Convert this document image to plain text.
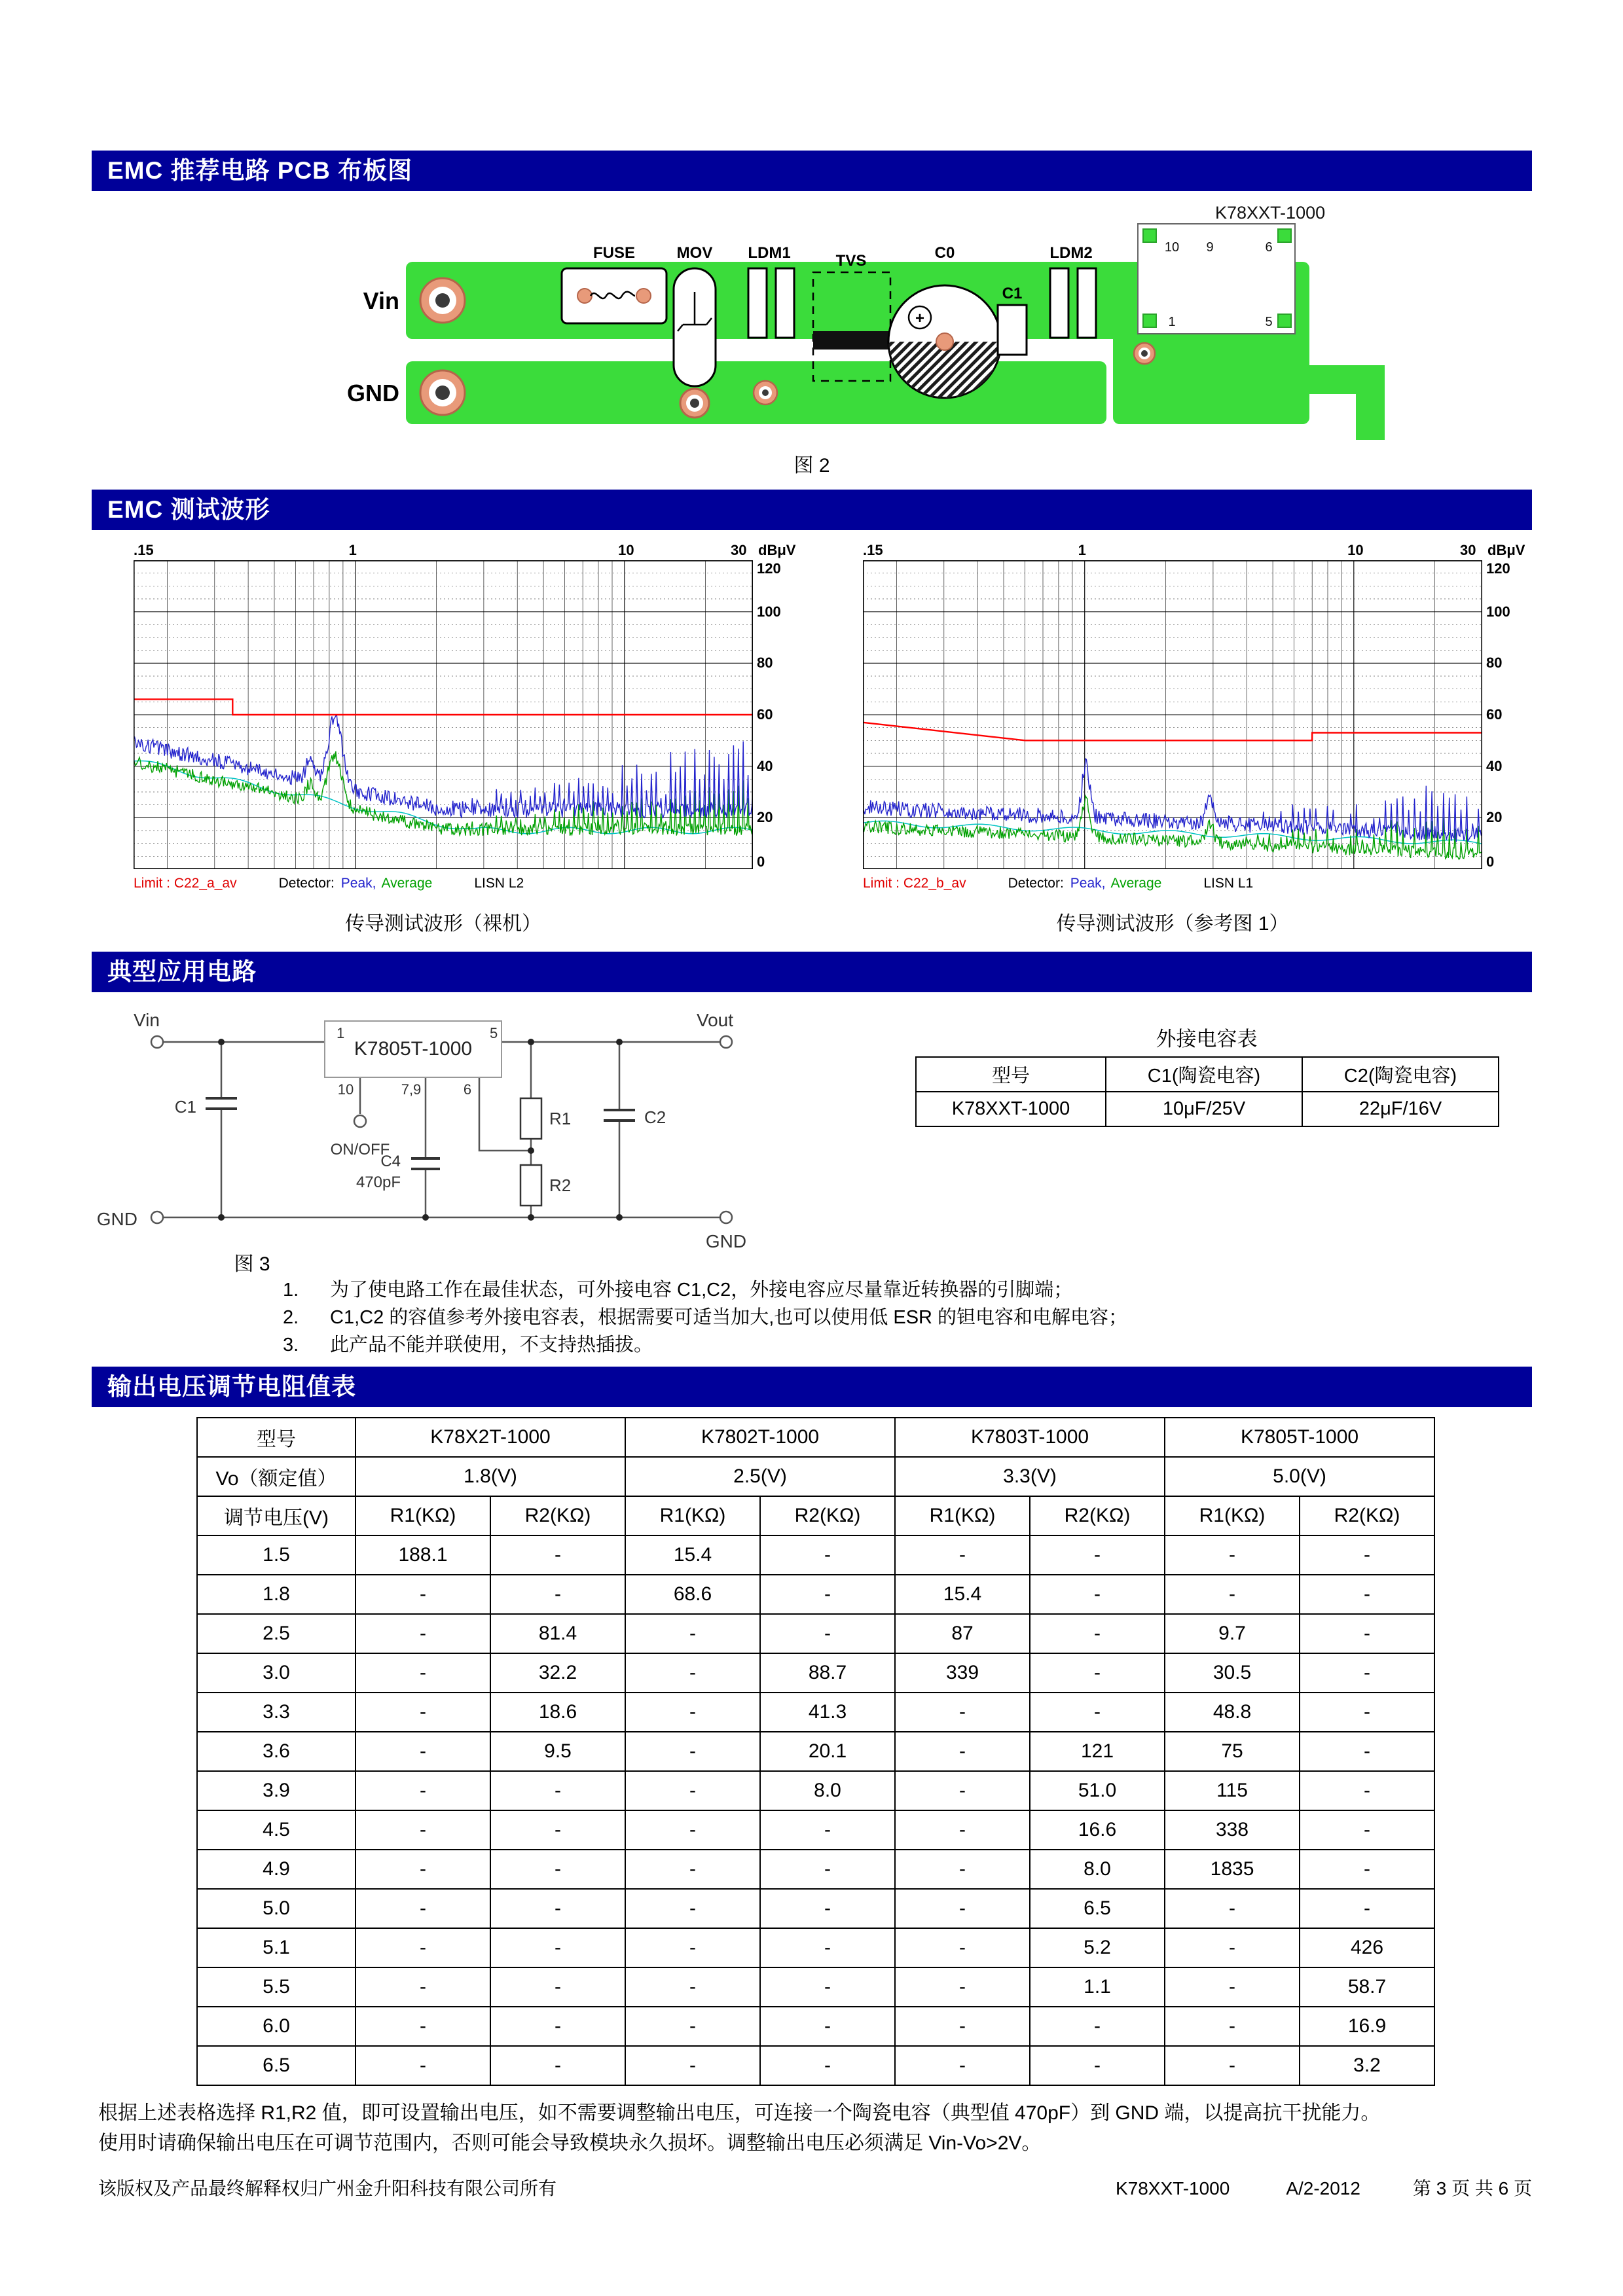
EMC 推荐电路 PCB 布板图
Vin
GND
FUSE	MOV LDM1	TVS	C0
+
C1
LDM2
K78XXT-1000
10 9	6
1	5
图 2
EMC 测试波形
.15	1	10	30 dBμV
120
100
80
60
40
20
0
Limit : C22_a_av	Detector: Peak, Average	LISN L2
传导测试波形（裸机）
.15	1	10	30 dBμV
120
100
80
60
40
20
0
Limit : C22_b_av	Detector: Peak, Average	LISN L1
传导测试波形（参考图 1）
典型应用电路
Vin	Vout
GND
GND
K7805T-1000
1	5
10	7,9	6
ON/OFF
C4
470pF
C1
C2
R1
R2
图 3
外接电容表
型号	C1(陶瓷电容)	C2(陶瓷电容)
K78XXT-1000	10μF/25V	22μF/16V
1. 为了使电路工作在最佳状态，可外接电容 C1,C2，外接电容应尽量靠近转换器的引脚端；
2. C1,C2 的容值参考外接电容表，根据需要可适当加大,也可以使用低 ESR 的钽电容和电解电容；
3. 此产品不能并联使用，不支持热插拔。
输出电压调节电阻值表
型号	K78X2T-1000		K7802T-1000		K7803T-1000		K7805T-1000	
Vo（额定值）	1.8(V)		2.5(V)		3.3(V)		5.0(V)	
调节电压(V)	R1(KΩ)	R2(KΩ)	R1(KΩ)	R2(KΩ)	R1(KΩ)	R2(KΩ)	R1(KΩ)	R2(KΩ)
1.5	188.1	-	15.4	-	-	-	-	-
1.8	-	-	68.6	-	15.4	-	-	-
2.5	-	81.4	-	-	87	-	9.7	-
3.0	-	32.2	-	88.7	339	-	30.5	-
3.3	-	18.6	-	41.3	-	-	48.8	-
3.6	-	9.5	-	20.1	-	121	75	-
3.9	-	-	-	8.0	-	51.0	115	-
4.5	-	-	-	-	-	16.6	338	-
4.9	-	-	-	-	-	8.0	1835	-
5.0	-	-	-	-	-	6.5	-	-
5.1	-	-	-	-	-	5.2	-	426
5.5	-	-	-	-	-	1.1	-	58.7
6.0	-	-	-	-	-	-	-	16.9
6.5	-	-	-	-	-	-	-	3.2
根据上述表格选择 R1,R2 值，即可设置输出电压，如不需要调整输出电压，可连接一个陶瓷电容（典型值 470pF）到 GND 端，以提高抗干扰能力。
使用时请确保输出电压在可调节范围内，否则可能会导致模块永久损坏。调整输出电压必须满足 Vin-Vo>2V。
该版权及产品最终解释权归广州金升阳科技有限公司所有	K78XXT-1000	A/2-2012	第 3 页 共 6 页
